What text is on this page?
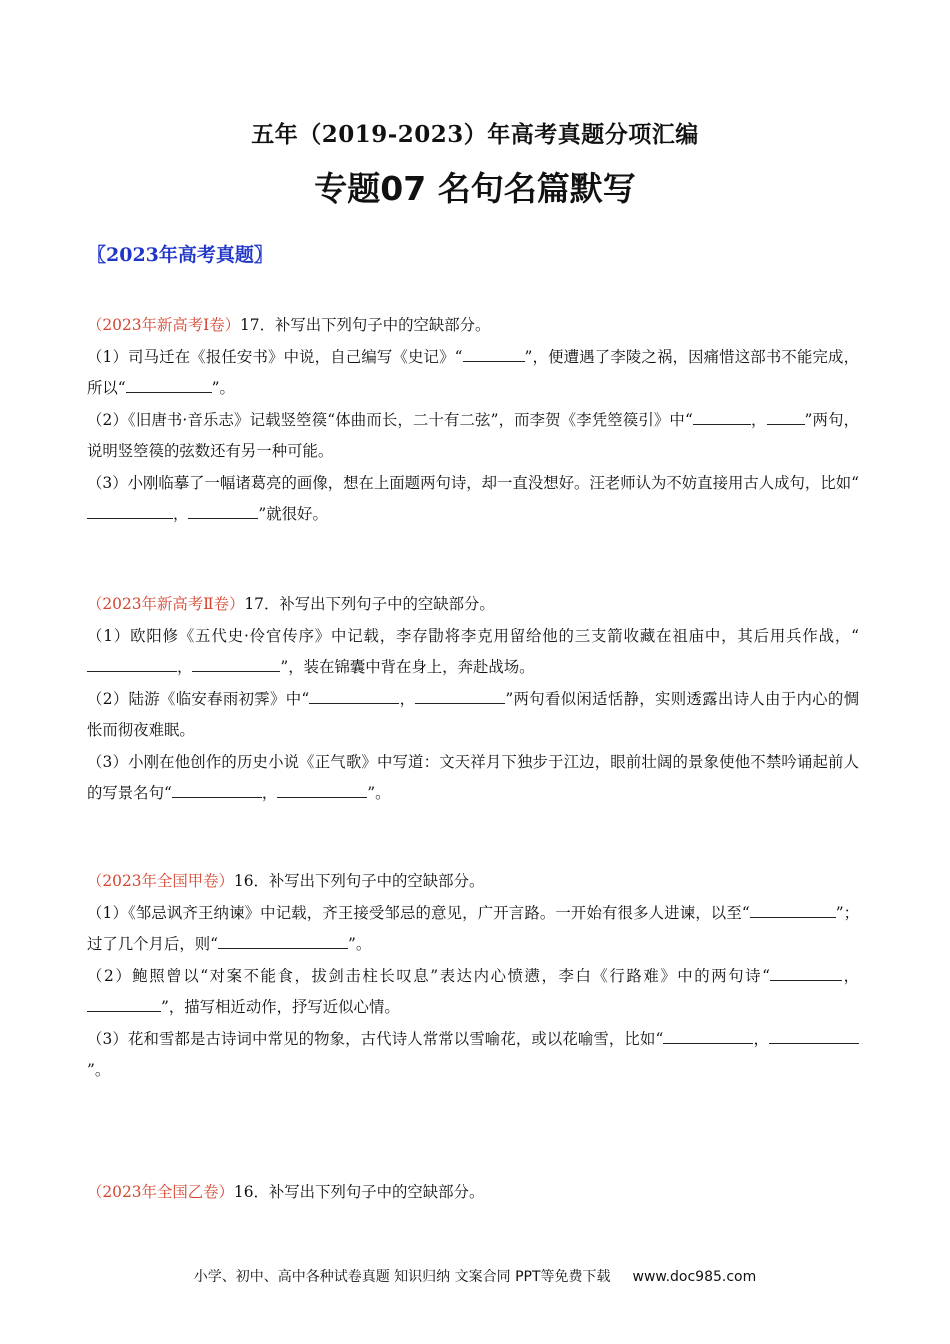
五年（2019-2023）年高考真题分项汇编
专题07 名句名篇默写
〖2023年高考真题〗

（2023年新高考Ⅰ卷）17．补写出下列句子中的空缺部分。

（1）司马迁在《报任安书》中说，自己编写《史记》“	”，便遭遇了李陵之祸，因痛惜这部书不能完成，所以“	”。

（2）《旧唐书·音乐志》记载竖箜篌“体曲而长，二十有二弦”，而李贺《李凭箜篌引》中“	， ”两句，说明竖箜篌的弦数还有另一种可能。

（3）小刚临摹了一幅诸葛亮的画像，想在上面题两句诗，却一直没想好。汪老师认为不妨直接用古人成句，比如“，	”就很好。

（2023年新高考Ⅱ卷）17．补写出下列句子中的空缺部分。

（1）欧阳修《五代史·伶官传序》中记载，李存勖将李克用留给他的三支箭收藏在祖庙中，其后用兵作战，“，	”，装在锦囊中背在身上，奔赴战场。

（2）陆游《临安春雨初霁》中“	，	”两句看似闲适恬静，实则透露出诗人由于内心的惆怅而彻夜难眠。

（3）小刚在他创作的历史小说《正气歌》中写道：文天祥月下独步于江边，眼前壮阔的景象使他不禁吟诵起前人的写景名句“	，	”。

（2023年全国甲卷）16．补写出下列句子中的空缺部分。

（1）《邹忌讽齐王纳谏》中记载，齐王接受邹忌的意见，广开言路。一开始有很多人进谏，以至“	”；过了几个月后，则“	”。

（2）鲍照曾以“对案不能食，拔剑击柱长叹息”表达内心愤懑，李白《行路难》中的两句诗“	，”，描写相近动作，抒写近似心情。

（3）花和雪都是古诗词中常见的物象，古代诗人常常以雪喻花，或以花喻雪，比如“	，”。

（2023年全国乙卷）16．补写出下列句子中的空缺部分。

小学、初中、高中各种试卷真题 知识归纳 文案合同 PPT等免费下载 www.doc985.com
